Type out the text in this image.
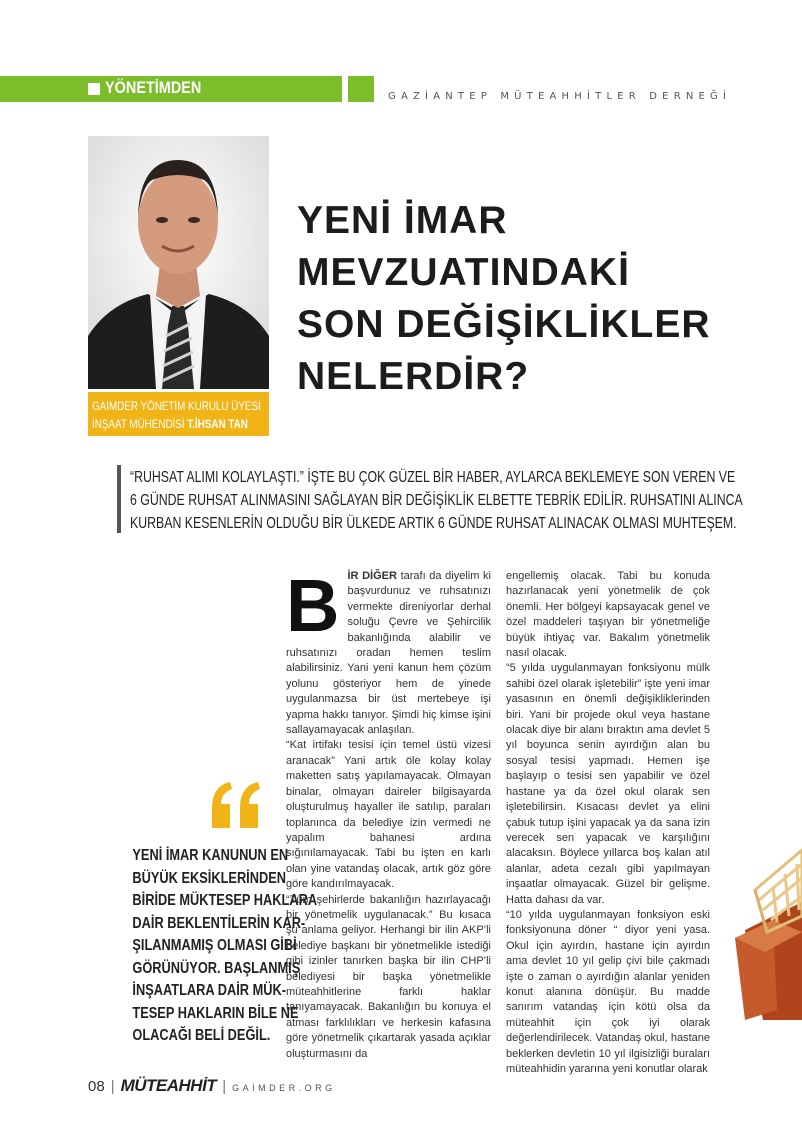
YÖNETİMDEN	GAZİANTEP MÜTEAHHİTLER DERNEĞİ
GAİMDER YÖNETİM KURULU ÜYESİ
İNŞAAT MÜHENDİSİ T.İHSAN TAN
YENİ İMAR
MEVZUATINDAKİ
SON DEĞİŞİKLİKLER
NELERDİR?
“RUHSAT ALIMI KOLAYLAŞTI.” İŞTE BU ÇOK GÜZEL BİR HABER, AYLARCA BEKLEMEYE SON VEREN VE
6 GÜNDE RUHSAT ALINMASINI SAĞLAYAN BİR DEĞİŞİKLİK ELBETTE TEBRİK EDİLİR. RUHSATINI ALINCA
KURBAN KESENLERİN OLDUĞU BİR ÜLKEDE ARTIK 6 GÜNDE RUHSAT ALINACAK OLMASI MUHTEŞEM.
YENİ İMAR KANUNUN EN
BÜYÜK EKSİKLERİNDEN
BİRİDE MÜKTESEP HAKLARA
DAİR BEKLENTİLERİN KAR-
ŞILANMAMIŞ OLMASI GİBİ
GÖRÜNÜYOR. BAŞLANMIŞ
İNŞAATLARA DAİR MÜK-
TESEP HAKLARIN BİLE NE
OLACAĞI BELİ DEĞİL.
B İR DİĞER tarafı da diyelim ki başvurdunuz ve ruhsatınızı vermekte direniyorlar derhal soluğu Çevre ve Şehircilik bakanlığında alabilir ve ruhsatınızı oradan hemen teslim alabilirsiniz. Yani yeni kanun hem çözüm yolunu gösteriyor hem de yinede uygulanmazsa bir üst mertebeye işi yapma hakkı tanıyor. Şimdi hiç kimse işini sallayamayacak anlaşılan.

“Kat irtifakı tesisi için temel üstü vizesi aranacak” Yani artık öle kolay kolay maketten satış yapılamayacak. Olmayan binalar, olmayan daireler bilgisayarda oluşturulmuş hayaller ile satılıp, paraları toplanınca da belediye izin vermedi ne yapalım bahanesi ardına sığınılamayacak. Tabi bu işten en karlı olan yine vatandaş olacak, artık göz göre göre kandırılmayacak.

“Tüm şehirlerde bakanlığın hazırlayacağı bir yönetmelik uygulanacak.” Bu kısaca şu anlama geliyor. Herhangi bir ilin AKP’li belediye başkanı bir yönetmelikle istediği gibi izinler tanırken başka bir ilin CHP’li belediyesi bir başka yönetmelikle müteahhitlerine farklı haklar tanıyamayacak. Bakanlığın bu konuya el atması farklılıkları ve herkesin kafasına göre yönetmelik çıkartarak yasada açıklar oluşturmasını da

engellemiş olacak. Tabi bu konuda hazırlanacak yeni yönetmelik de çok önemli. Her bölgeyi kapsayacak genel ve özel maddeleri taşıyan bir yönetmeliğe büyük ihtiyaç var. Bakalım yönetmelik nasıl olacak.

“5 yılda uygulanmayan fonksiyonu mülk sahibi özel olarak işletebilir” işte yeni imar yasasının en önemli değişikliklerinden biri. Yani bir projede okul veya hastane olacak diye bir alanı bıraktın ama devlet 5 yıl boyunca senin ayırdığın alan bu sosyal tesisi yapmadı. Hemen işe başlayıp o tesisi sen yapabilir ve özel hastane ya da özel okul olarak sen işletebilirsin. Kısacası devlet ya elini çabuk tutup işini yapacak ya da sana izin verecek sen yapacak ve karşılığını alacaksın. Böylece yıllarca boş kalan atıl alanlar, adeta cezalı gibi yapılmayan inşaatlar olmayacak. Güzel bir gelişme. Hatta dahası da var.

“10 yılda uygulanmayan fonksiyon eski fonksiyonuna döner “ diyor yeni yasa. Okul için ayırdın, hastane için ayırdın ama devlet 10 yıl gelip çivi bile çakmadı işte o zaman o ayırdığın alanlar yeniden konut alanına dönüşür. Bu madde sanırım vatandaş için kötü olsa da müteahhit için çok iyi olarak değerlendirilecek. Vatandaş okul, hastane beklerken devletin 10 yıl ilgisizliği buraları müteahhidin yararına yeni konutlar olarak

08 | MÜTEAHHİT | GAİMDER.ORG
